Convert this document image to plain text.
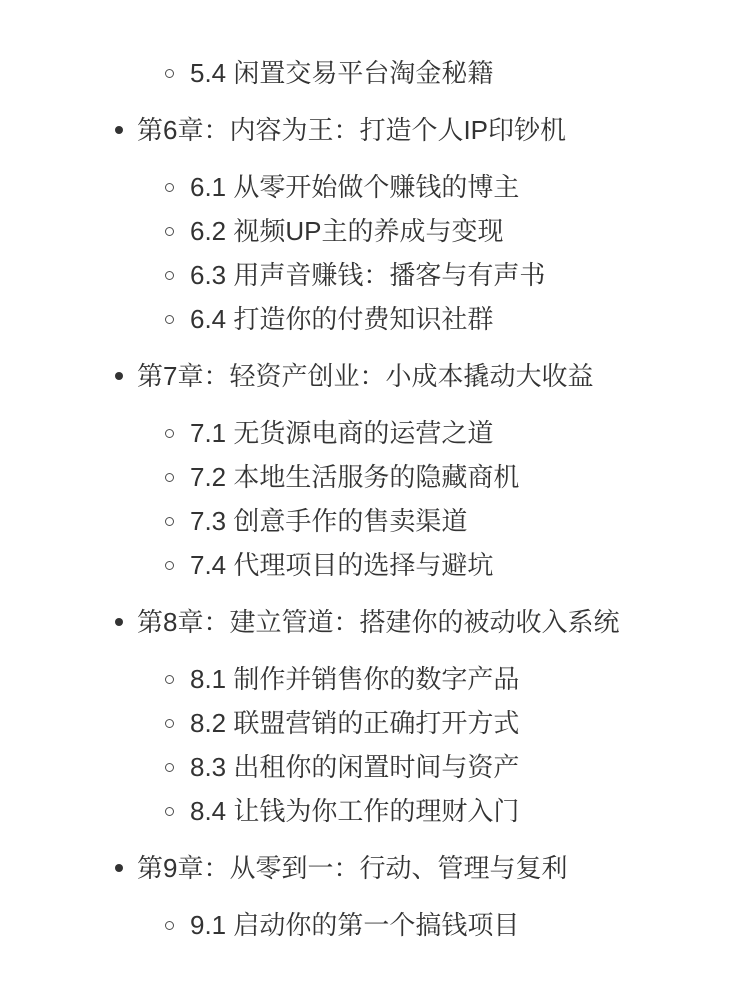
5.4 闲置交易平台淘金秘籍
第6章：内容为王：打造个人IP印钞机
6.1 从零开始做个赚钱的博主
6.2 视频UP主的养成与变现
6.3 用声音赚钱：播客与有声书
6.4 打造你的付费知识社群
第7章：轻资产创业：小成本撬动大收益
7.1 无货源电商的运营之道
7.2 本地生活服务的隐藏商机
7.3 创意手作的售卖渠道
7.4 代理项目的选择与避坑
第8章：建立管道：搭建你的被动收入系统
8.1 制作并销售你的数字产品
8.2 联盟营销的正确打开方式
8.3 出租你的闲置时间与资产
8.4 让钱为你工作的理财入门
第9章：从零到一：行动、管理与复利
9.1 启动你的第一个搞钱项目
